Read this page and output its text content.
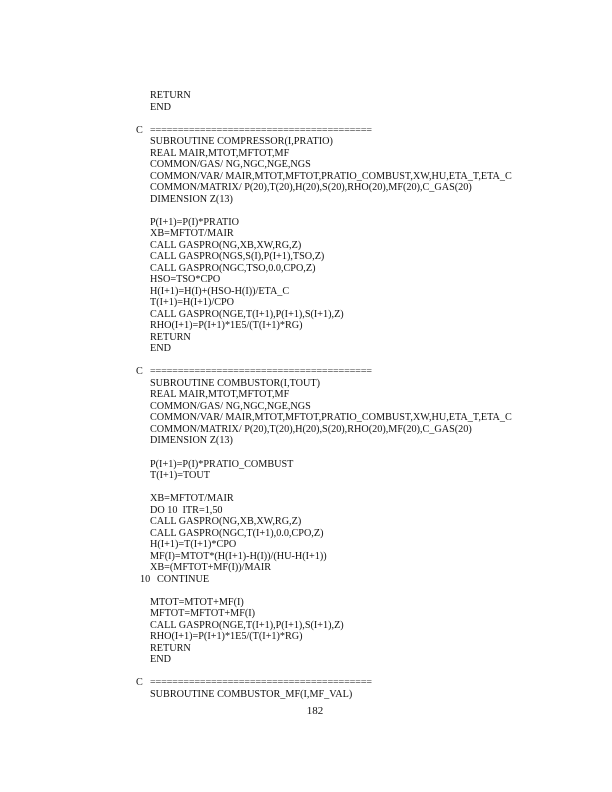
RETURN
END
C ========================================
SUBROUTINE COMPRESSOR(I,PRATIO)
REAL MAIR,MTOT,MFTOT,MF
COMMON/GAS/ NG,NGC,NGE,NGS
COMMON/VAR/ MAIR,MTOT,MFTOT,PRATIO_COMBUST,XW,HU,ETA_T,ETA_C
COMMON/MATRIX/ P(20),T(20),H(20),S(20),RHO(20),MF(20),C_GAS(20)
DIMENSION Z(13)
P(I+1)=P(I)*PRATIO
XB=MFTOT/MAIR
CALL GASPRO(NG,XB,XW,RG,Z)
CALL GASPRO(NGS,S(I),P(I+1),TSO,Z)
CALL GASPRO(NGC,TSO,0.0,CPO,Z)
HSO=TSO*CPO
H(I+1)=H(I)+(HSO-H(I))/ETA_C
T(I+1)=H(I+1)/CPO
CALL GASPRO(NGE,T(I+1),P(I+1),S(I+1),Z)
RHO(I+1)=P(I+1)*1E5/(T(I+1)*RG)
RETURN
END
C ========================================
SUBROUTINE COMBUSTOR(I,TOUT)
REAL MAIR,MTOT,MFTOT,MF
COMMON/GAS/ NG,NGC,NGE,NGS
COMMON/VAR/ MAIR,MTOT,MFTOT,PRATIO_COMBUST,XW,HU,ETA_T,ETA_C
COMMON/MATRIX/ P(20),T(20),H(20),S(20),RHO(20),MF(20),C_GAS(20)
DIMENSION Z(13)
P(I+1)=P(I)*PRATIO_COMBUST
T(I+1)=TOUT
XB=MFTOT/MAIR
DO 10  ITR=1,50
CALL GASPRO(NG,XB,XW,RG,Z)
CALL GASPRO(NGC,T(I+1),0.0,CPO,Z)
H(I+1)=T(I+1)*CPO
MF(I)=MTOT*(H(I+1)-H(I))/(HU-H(I+1))
XB=(MFTOT+MF(I))/MAIR
10 CONTINUE
MTOT=MTOT+MF(I)
MFTOT=MFTOT+MF(I)
CALL GASPRO(NGE,T(I+1),P(I+1),S(I+1),Z)
RHO(I+1)=P(I+1)*1E5/(T(I+1)*RG)
RETURN
END
C ========================================
SUBROUTINE COMBUSTOR_MF(I,MF_VAL)
182
